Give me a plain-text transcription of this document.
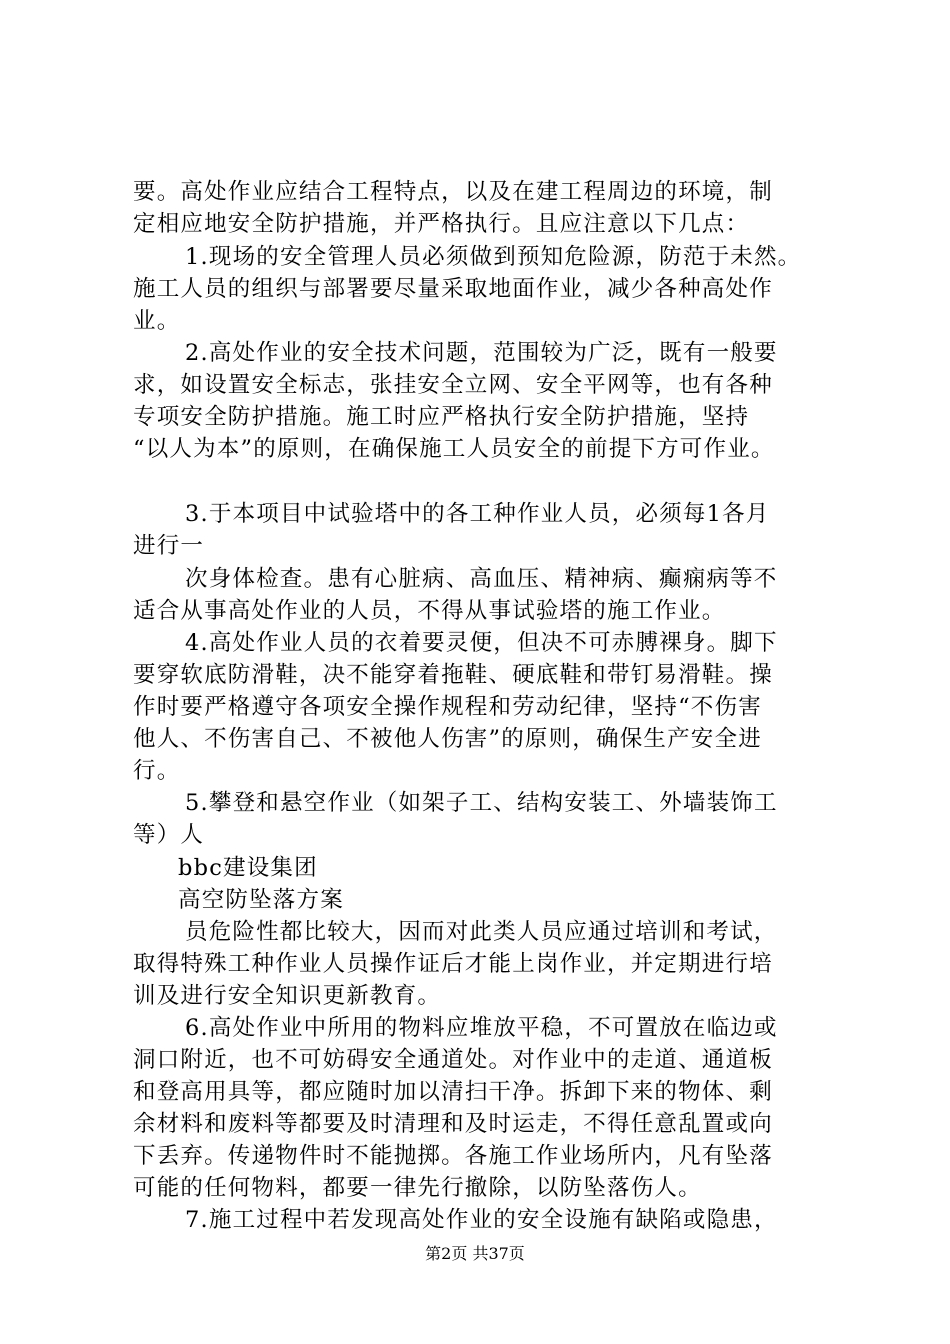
要。高处作业应结合工程特点，以及在建工程周边的环境，制
定相应地安全防护措施，并严格执行。且应注意以下几点：
1.现场的安全管理人员必须做到预知危险源，防范于未然。
施工人员的组织与部署要尽量采取地面作业，减少各种高处作
业。
2.高处作业的安全技术问题，范围较为广泛，既有一般要
求，如设置安全标志，张挂安全立网、安全平网等，也有各种
专项安全防护措施。施工时应严格执行安全防护措施，坚持
“以人为本”的原则，在确保施工人员安全的前提下方可作业。
3.于本项目中试验塔中的各工种作业人员，必须每1各月
进行一
次身体检查。患有心脏病、高血压、精神病、癫痫病等不
适合从事高处作业的人员，不得从事试验塔的施工作业。
4.高处作业人员的衣着要灵便，但决不可赤膊裸身。脚下
要穿软底防滑鞋，决不能穿着拖鞋、硬底鞋和带钉易滑鞋。操
作时要严格遵守各项安全操作规程和劳动纪律，坚持“不伤害
他人、不伤害自己、不被他人伤害”的原则，确保生产安全进
行。
5.攀登和悬空作业（如架子工、结构安装工、外墙装饰工
等）人
bbc建设集团
高空防坠落方案
员危险性都比较大，因而对此类人员应通过培训和考试，
取得特殊工种作业人员操作证后才能上岗作业，并定期进行培
训及进行安全知识更新教育。
6.高处作业中所用的物料应堆放平稳，不可置放在临边或
洞口附近，也不可妨碍安全通道处。对作业中的走道、通道板
和登高用具等，都应随时加以清扫干净。拆卸下来的物体、剩
余材料和废料等都要及时清理和及时运走，不得任意乱置或向
下丢弃。传递物件时不能抛掷。各施工作业场所内，凡有坠落
可能的任何物料，都要一律先行撤除，以防坠落伤人。
7.施工过程中若发现高处作业的安全设施有缺陷或隐患，
第2页 共37页
